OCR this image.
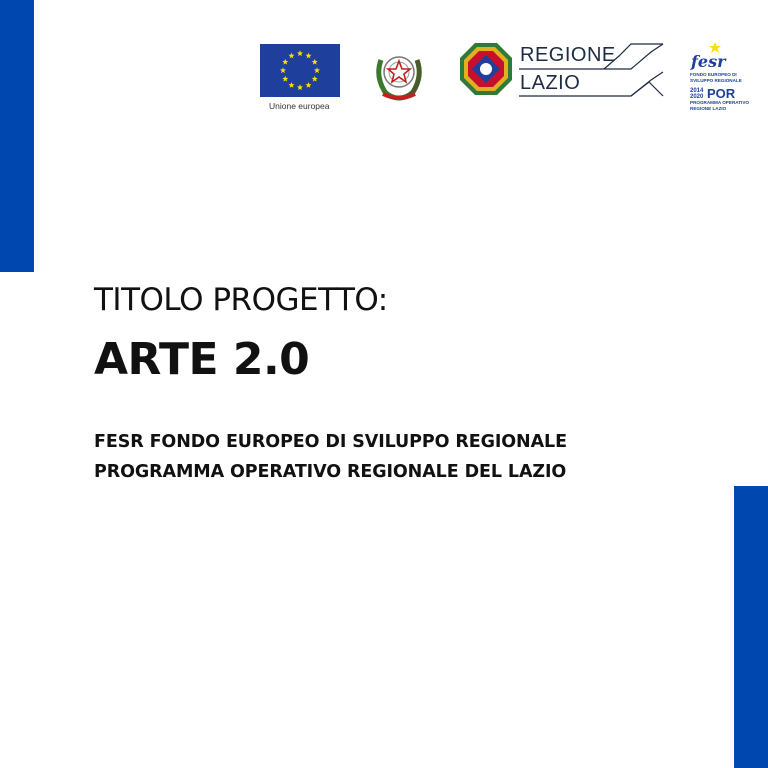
Unione europea
REGIONE
LAZIO
fesr
FONDO EUROPEO DI
SVILUPPO REGIONALE
2014
2020 POR
PROGRAMMA OPERATIVO
REGIONE LAZIO
TITOLO PROGETTO:
ARTE 2.0
FESR FONDO EUROPEO DI SVILUPPO REGIONALE
PROGRAMMA OPERATIVO REGIONALE DEL LAZIO
